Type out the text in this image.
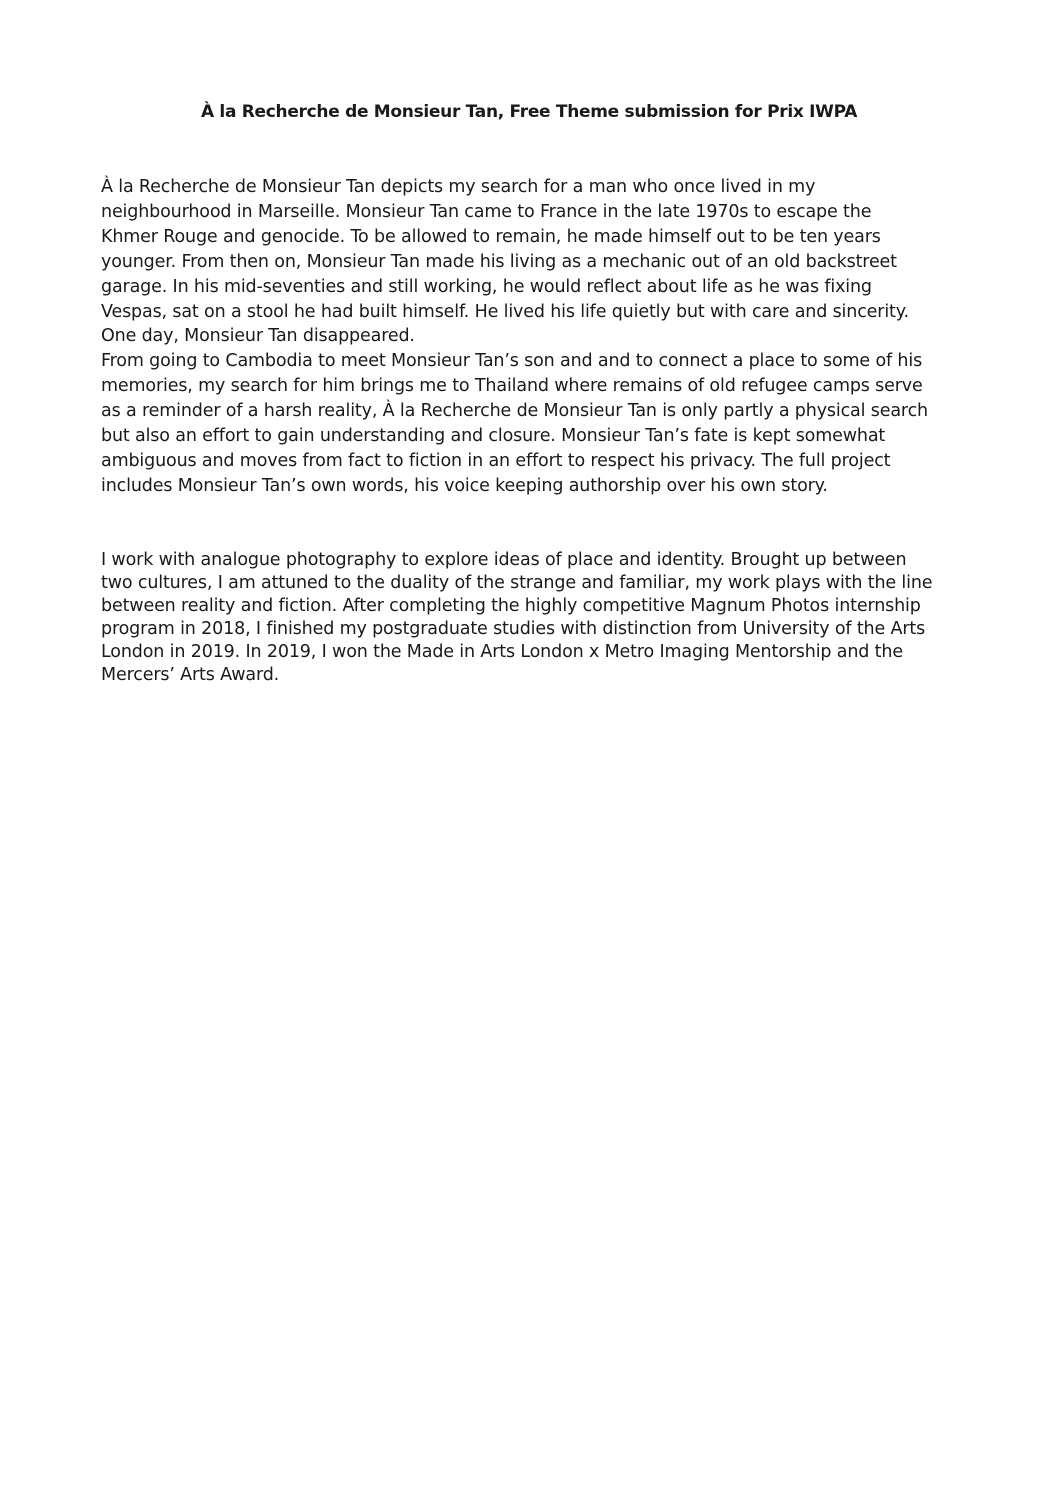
À la Recherche de Monsieur Tan, Free Theme submission for Prix IWPA

À la Recherche de Monsieur Tan depicts my search for a man who once lived in my
neighbourhood in Marseille. Monsieur Tan came to France in the late 1970s to escape the
Khmer Rouge and genocide. To be allowed to remain, he made himself out to be ten years
younger. From then on, Monsieur Tan made his living as a mechanic out of an old backstreet
garage. In his mid-seventies and still working, he would reflect about life as he was fixing
Vespas, sat on a stool he had built himself. He lived his life quietly but with care and sincerity.
One day, Monsieur Tan disappeared.
From going to Cambodia to meet Monsieur Tan’s son and and to connect a place to some of his
memories, my search for him brings me to Thailand where remains of old refugee camps serve
as a reminder of a harsh reality, À la Recherche de Monsieur Tan is only partly a physical search
but also an effort to gain understanding and closure. Monsieur Tan’s fate is kept somewhat
ambiguous and moves from fact to fiction in an effort to respect his privacy. The full project
includes Monsieur Tan’s own words, his voice keeping authorship over his own story.

I work with analogue photography to explore ideas of place and identity. Brought up between
two cultures, I am attuned to the duality of the strange and familiar, my work plays with the line
between reality and fiction. After completing the highly competitive Magnum Photos internship
program in 2018, I finished my postgraduate studies with distinction from University of the Arts
London in 2019. In 2019, I won the Made in Arts London x Metro Imaging Mentorship and the
Mercers’ Arts Award.
